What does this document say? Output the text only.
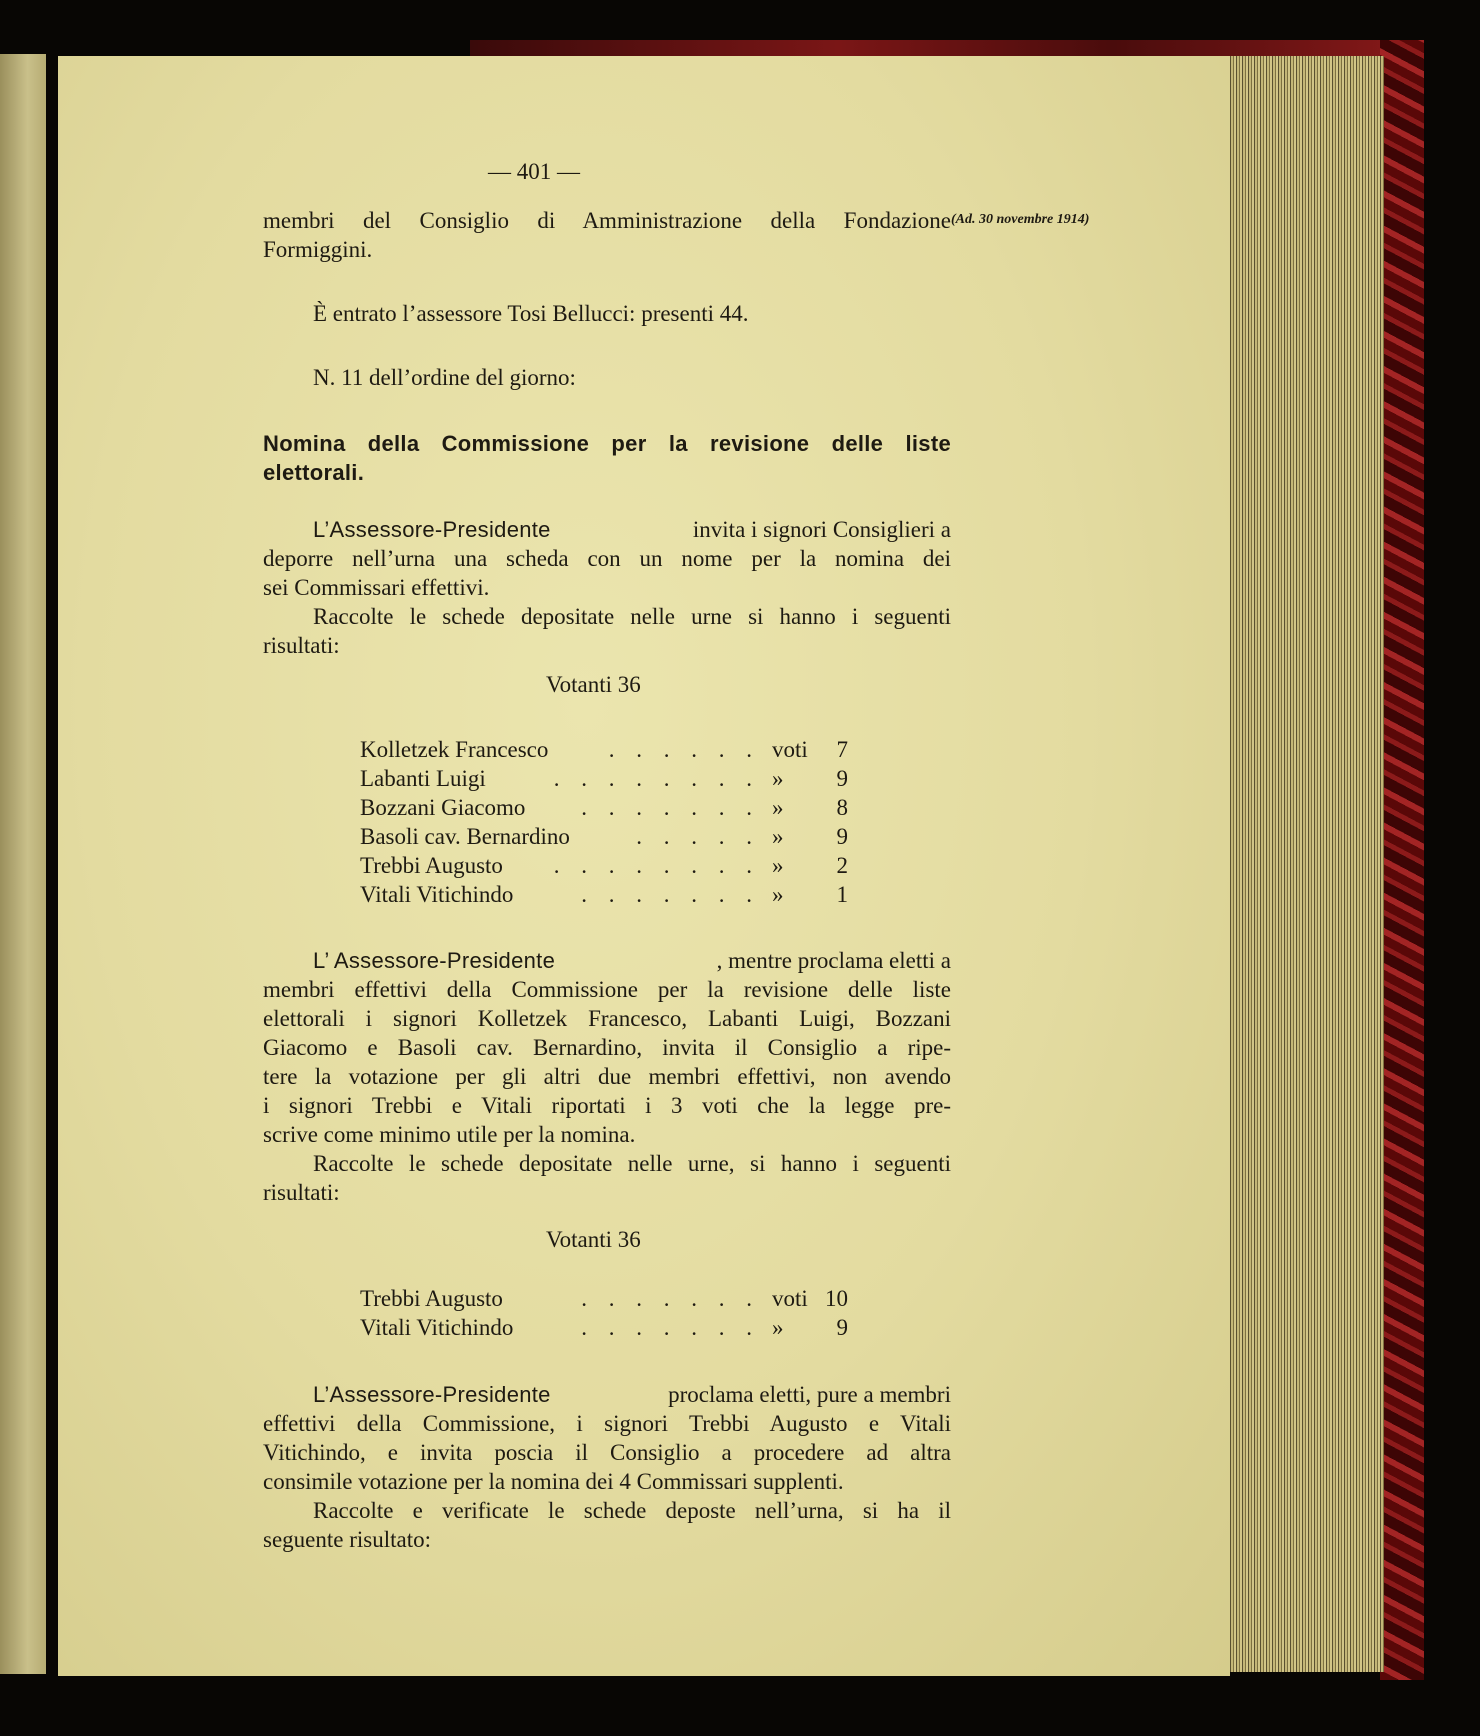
— 401 —
(Ad. 30 novembre 1914)
membri del Consiglio di Amministrazione della Fondazione
Formiggini.
È entrato l’assessore Tosi Bellucci: presenti 44.
N. 11 dell’ordine del giorno:
Nomina della Commissione per la revisione delle liste
elettorali.
L’Assessore-Presidente	invita i signori Consiglieri a
deporre nell’urna una scheda con un nome per la nomina dei
sei Commissari effettivi.
Raccolte le schede depositate nelle urne si hanno i seguenti
risultati:
Votanti 36
Kolletzek Francesco	. . . . . . voti 7
Labanti Luigi	. . . . . . . . » 9
Bozzani Giacomo	. . . . . . . » 8
Basoli cav. Bernardino	. . . . . » 9
Trebbi Augusto	. . . . . . . . » 2
Vitali Vitichindo	. . . . . . . » 1
L’ Assessore-Presidente	, mentre proclama eletti a
membri effettivi della Commissione per la revisione delle liste
elettorali i signori Kolletzek Francesco, Labanti Luigi, Bozzani
Giacomo e Basoli cav. Bernardino, invita il Consiglio a ripe-
tere la votazione per gli altri due membri effettivi, non avendo
i signori Trebbi e Vitali riportati i 3 voti che la legge pre-
scrive come minimo utile per la nomina.
Raccolte le schede depositate nelle urne, si hanno i seguenti
risultati:
Votanti 36
Trebbi Augusto	. . . . . . . voti 10
Vitali Vitichindo	. . . . . . . » 9
L’Assessore-Presidente	proclama eletti, pure a membri
effettivi della Commissione, i signori Trebbi Augusto e Vitali
Vitichindo, e invita poscia il Consiglio a procedere ad altra
consimile votazione per la nomina dei 4 Commissari supplenti.
Raccolte e verificate le schede deposte nell’urna, si ha il
seguente risultato:
